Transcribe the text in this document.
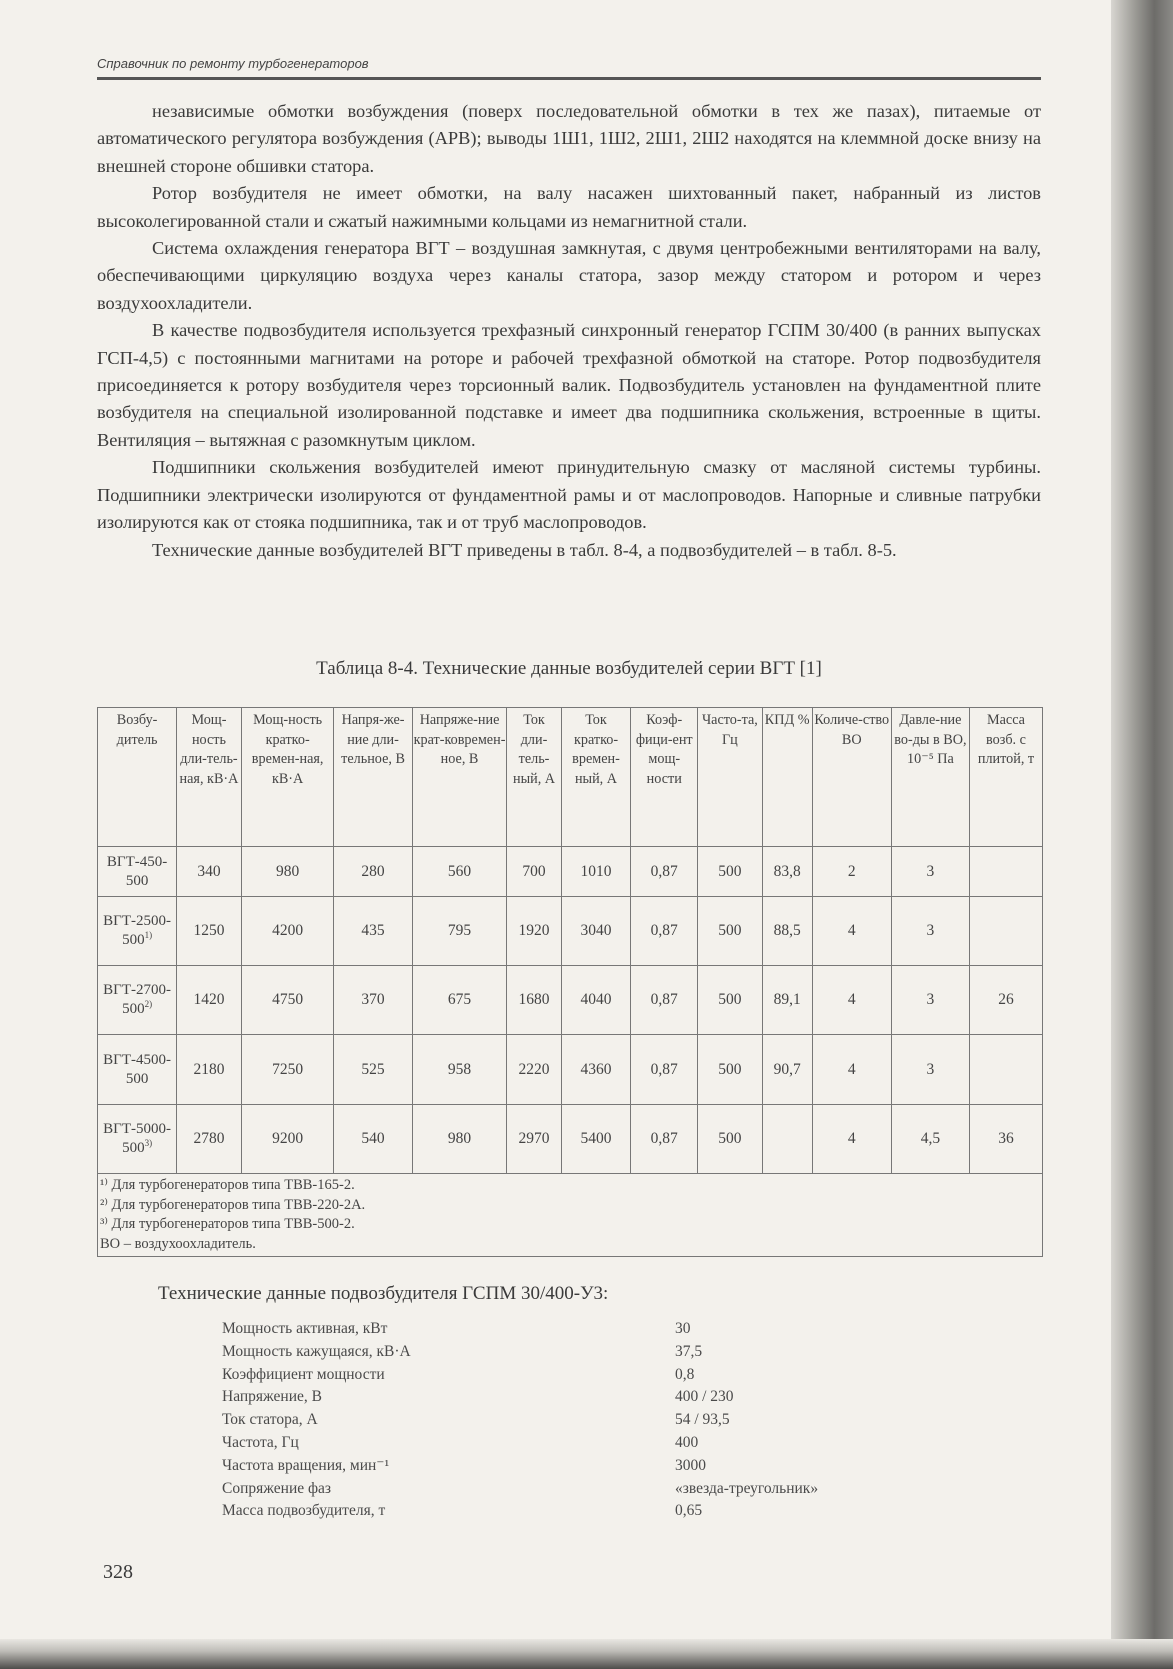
Справочник по ремонту турбогенераторов

независимые обмотки возбуждения (поверх последовательной обмотки в тех же пазах), питаемые от автоматического регулятора возбуждения (АРВ); выводы 1Ш1, 1Ш2, 2Ш1, 2Ш2 находятся на клеммной доске внизу на внешней стороне обшивки статора.

Ротор возбудителя не имеет обмотки, на валу насажен шихтованный пакет, набранный из листов высоколегированной стали и сжатый нажимными кольцами из немагнитной стали.

Система охлаждения генератора ВГТ – воздушная замкнутая, с двумя центробежными вентиляторами на валу, обеспечивающими циркуляцию воздуха через каналы статора, зазор между статором и ротором и через воздухоохладители.

В качестве подвозбудителя используется трехфазный синхронный генератор ГСПМ 30/400 (в ранних выпусках ГСП-4,5) с постоянными магнитами на роторе и рабочей трехфазной обмоткой на статоре. Ротор подвозбудителя присоединяется к ротору возбудителя через торсионный валик. Подвозбудитель установлен на фундаментной плите возбудителя на специальной изолированной подставке и имеет два подшипника скольжения, встроенные в щиты. Вентиляция – вытяжная с разомкнутым циклом.

Подшипники скольжения возбудителей имеют принудительную смазку от масляной системы турбины. Подшипники электрически изолируются от фундаментной рамы и от маслопроводов. Напорные и сливные патрубки изолируются как от стояка подшипника, так и от труб маслопроводов.

Технические данные возбудителей ВГТ приведены в табл. 8-4, а подвозбудителей – в табл. 8-5.

Таблица 8-4. Технические данные возбудителей серии ВГТ [1]
Возбу-дитель	Мощ-ность дли-тель-ная, кВ·А	Мощ-ность кратко-времен-ная, кВ·А	Напря-же-ние дли-тельное, В	Напряже-ние крат-ковремен-ное, В	Ток дли-тель-ный, А	Ток кратко-времен-ный, А	Коэф-фици-ент мощ-ности	Часто-та, Гц	КПД %	Количе-ство ВО	Давле-ние во-ды в ВО, 10⁻⁵ Па	Масса возб. с плитой, т
ВГТ-450-500	340	980	280	560	700	1010	0,87	500	83,8	2	3	
ВГТ-2500-500$^{1)}$	1250	4200	435	795	1920	3040	0,87	500	88,5	4	3	
ВГТ-2700-500$^{2)}$	1420	4750	370	675	1680	4040	0,87	500	89,1	4	3	26
ВГТ-4500-500	2180	7250	525	958	2220	4360	0,87	500	90,7	4	3	
ВГТ-5000-500$^{3)}$	2780	9200	540	980	2970	5400	0,87	500		4	4,5	36

¹⁾ Для турбогенераторов типа ТВВ-165-2.
²⁾ Для турбогенераторов типа ТВВ-220-2А.
³⁾ Для турбогенераторов типа ТВВ-500-2.
ВО – воздухоохладитель.												
Технические данные подвозбудителя ГСПМ 30/400-У3:
Мощность активная, кВт	30
Мощность кажущаяся, кВ·А	37,5
Коэффициент мощности	0,8
Напряжение, В	400 / 230
Ток статора, А	54 / 93,5
Частота, Гц	400
Частота вращения, мин⁻¹	3000
Сопряжение фаз	«звезда-треугольник»
Масса подвозбудителя, т	0,65
328
